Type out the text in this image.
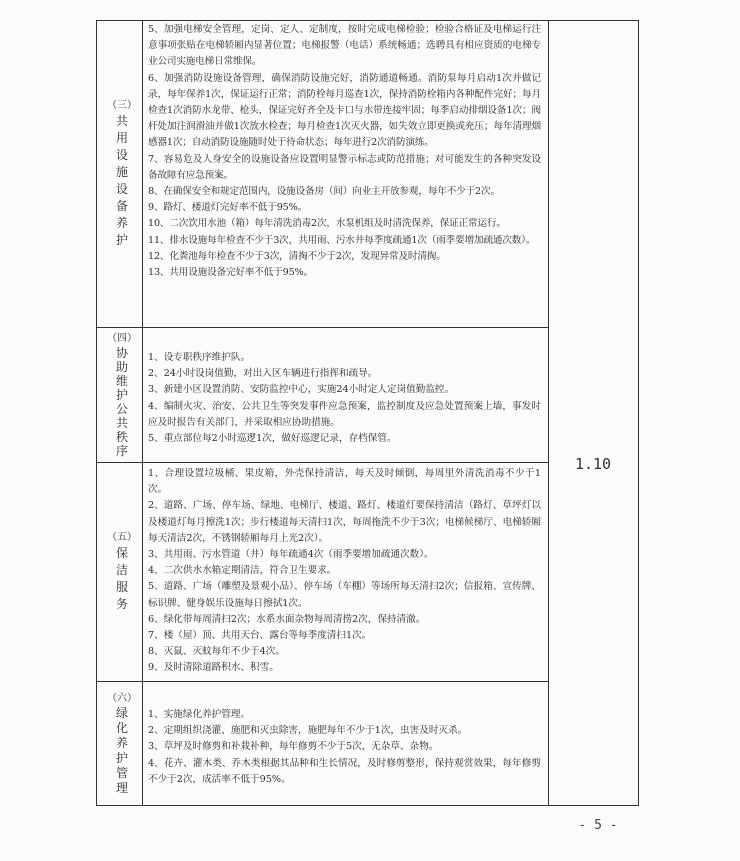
（三）
共
用
设
施
设
备
养
护

5、加强电梯安全管理，定岗、定人、定制度，按时完成电梯检验；检验合格证及电梯运行注意事项张贴在电梯轿厢内显著位置；电梯报警（电话）系统畅通；选聘具有相应资质的电梯专业公司实施电梯日常维保。

6、加强消防设施设备管理，确保消防设施完好，消防通道畅通。消防泵每月启动1次并做记录，每年保养1次，保证运行正常；消防栓每月巡查1次，保持消防栓箱内各种配件完好；每月检查1次消防水龙带、枪头，保证完好齐全及卡口与水带连接牢固；每季启动排烟设备1次；阀杆处加注润滑油并做1次放水检查；每月检查1次灭火器，如失效立即更换或充压；每年清理烟感器1次；自动消防设施随时处于待命状态；每年进行2次消防演练。

7、容易危及人身安全的设施设备应设置明显警示标志或防范措施；对可能发生的各种突发设备故障有应急预案。

8、在确保安全和规定范围内，设施设备房（间）向业主开放参观，每年不少于2次。

9、路灯、楼道灯完好率不低于95%。

10、二次饮用水池（箱）每年清洗消毒2次，水泵机组及时清洗保养，保证正常运行。

11、排水设施每年检查不少于3次，共用雨、污水井每季度疏通1次（雨季要增加疏通次数）。

12、化粪池每年检查不少于3次，清掏不少于2次，发现异常及时清掏。

13、共用设施设备完好率不低于95%。

（四）
协
助
维
护
公
共
秩
序

1、设专职秩序维护队。

2、24小时设岗值勤，对出入区车辆进行指挥和疏导。

3、新建小区设置消防、安防监控中心，实施24小时定人定岗值勤监控。

4、编制火灾、治安、公共卫生等突发事件应急预案，监控制度及应急处置预案上墙，事发时应及时报告有关部门，并采取相应协助措施。

5、重点部位每2小时巡逻1次，做好巡逻记录，存档保管。

（五）
保
洁
服
务

1、合理设置垃圾桶、果皮箱，外壳保持清洁，每天及时倾倒，每周里外清洗消毒不少于1次。

2、道路、广场、停车场、绿地、电梯厅、楼道、路灯、楼道灯要保持清洁（路灯、草坪灯以及楼道灯每月擦洗1次；步行楼道每天清扫1次，每周拖洗不少于3次；电梯候梯厅、电梯轿厢每天清洁2次，不锈钢轿厢每月上光2次）。

3、共用雨、污水管道（井）每年疏通4次（雨季要增加疏通次数）。

4、二次供水水箱定期清洁，符合卫生要求。

5、道路、广场（雕塑及景观小品）、停车场（车棚）等场所每天清扫2次；信报箱、宣传牌、标识牌、健身娱乐设施每日擦拭1次。

6、绿化带每周清扫2次；水系水面杂物每周清捞2次，保持清澈。

7、楼（屋）顶、共用天台、露台等每季度清扫1次。

8、灭鼠、灭蚊每年不少于4次。

9、及时清除道路积水、积雪。

（六）
绿
化
养
护
管
理

1、实施绿化养护管理。

2、定期组织浇灌、施肥和灭虫除害，施肥每年不少于1次，虫害及时灭杀。

3、草坪及时修剪和补栽补种，每年修剪不少于5次，无杂草、杂物。

4、花卉、灌木类、乔木类根据其品种和生长情况，及时修剪整形，保持观赏效果，每年修剪不少于2次，成活率不低于95%。

1.10
- 5 -
